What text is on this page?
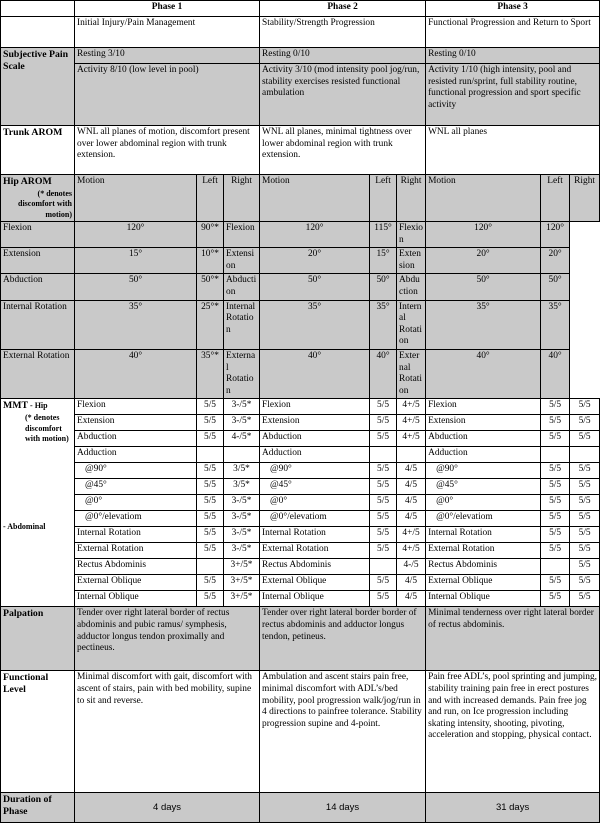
	Phase 1			Phase 2			Phase 3		
	Initial Injury/Pain Management			Stability/Strength Progression			Functional Progression and Return to Sport		
Subjective Pain Scale	Resting 3/10			Resting 0/10			Resting 0/10		
	Activity 8/10 (low level in pool)			Activity 3/10 (mod intensity pool jog/run, stability exercises resisted functional ambulation			Activity 1/10 (high intensity, pool and resisted run/sprint, full stability routine, functional progression and sport specific activity		
Trunk AROM	WNL all planes of motion, discomfort present over lower abdominal region with trunk extension.			WNL all planes, minimal tightness over lower abdominal region with trunk extension.			WNL all planes		
Hip AROM
(* denotes discomfort with motion)	Motion	Left	Right	Motion	Left	Right	Motion	Left	Right
Flexion	120°	90°*	Flexion	120°	115°	Flexion	120°	120°	
Extension	15°	10°*	Extension	20°	15°	Extension	20°	20°	
Abduction	50°	50°*	Abduction	50°	50°	Abduction	50°	50°	
Internal Rotation	35°	25°*	Internal Rotation	35°	35°	Internal Rotation	35°	35°	
External Rotation	40°	35°*	External Rotation	40°	40°	External Rotation	40°	40°	
MMT - Hip
(* denotes discomfort with motion)
- Abdominal	Flexion	5/5	3-/5*	Flexion	5/5	4+/5	Flexion	5/5	5/5
	Extension	5/5	3-/5*	Extension	5/5	4+/5	Extension	5/5	5/5
	Abduction	5/5	4-/5*	Abduction	5/5	4+/5	Abduction	5/5	5/5
	Adduction			Adduction			Adduction		
	@90°	5/5	3/5*	@90°	5/5	4/5	@90°	5/5	5/5
	@45°	5/5	3/5*	@45°	5/5	4/5	@45°	5/5	5/5
	@0°	5/5	3-/5*	@0°	5/5	4/5	@0°	5/5	5/5
	@0°/elevatiom	5/5	3-/5*	@0°/elevatiom	5/5	4/5	@0°/elevatiom	5/5	5/5
	Internal Rotation	5/5	3-/5*	Internal Rotation	5/5	4+/5	Internal Rotation	5/5	5/5
	External Rotation	5/5	3-/5*	External Rotation	5/5	4+/5	External Rotation	5/5	5/5
	Rectus Abdominis		3+/5*	Rectus Abdominis		4-/5	Rectus Abdominis		5/5
	External Oblique	5/5	3+/5*	External Oblique	5/5	4/5	External Oblique	5/5	5/5
	Internal Oblique	5/5	3+/5*	Internal Oblique	5/5	4/5	Internal Oblique	5/5	5/5
Palpation	Tender over right lateral border of rectus abdominis and pubic ramus/ symphesis, adductor longus tendon proximally and pectineus.			Tender over right lateral border border of rectus abdominis and adductor longus tendon, petineus.			Minimal tenderness over right lateral border of rectus abdominis.		
Functional Level	Minimal discomfort with gait, discomfort with ascent of stairs, pain with bed mobility, supine to sit and reverse.			Ambulation and ascent stairs pain free, minimal discomfort with ADL’s/bed mobility, pool progression walk/jog/run in 4 directions to painfree tolerance. Stability progression supine and 4-point.			Pain free ADL’s, pool sprinting and jumping, stability training pain free in erect postures and with increased demands. Pain free jog and run, on Ice progression including skating intensity, shooting, pivoting, acceleration and stopping, physical contact.		
Duration of Phase	4 days			14 days			31 days		
